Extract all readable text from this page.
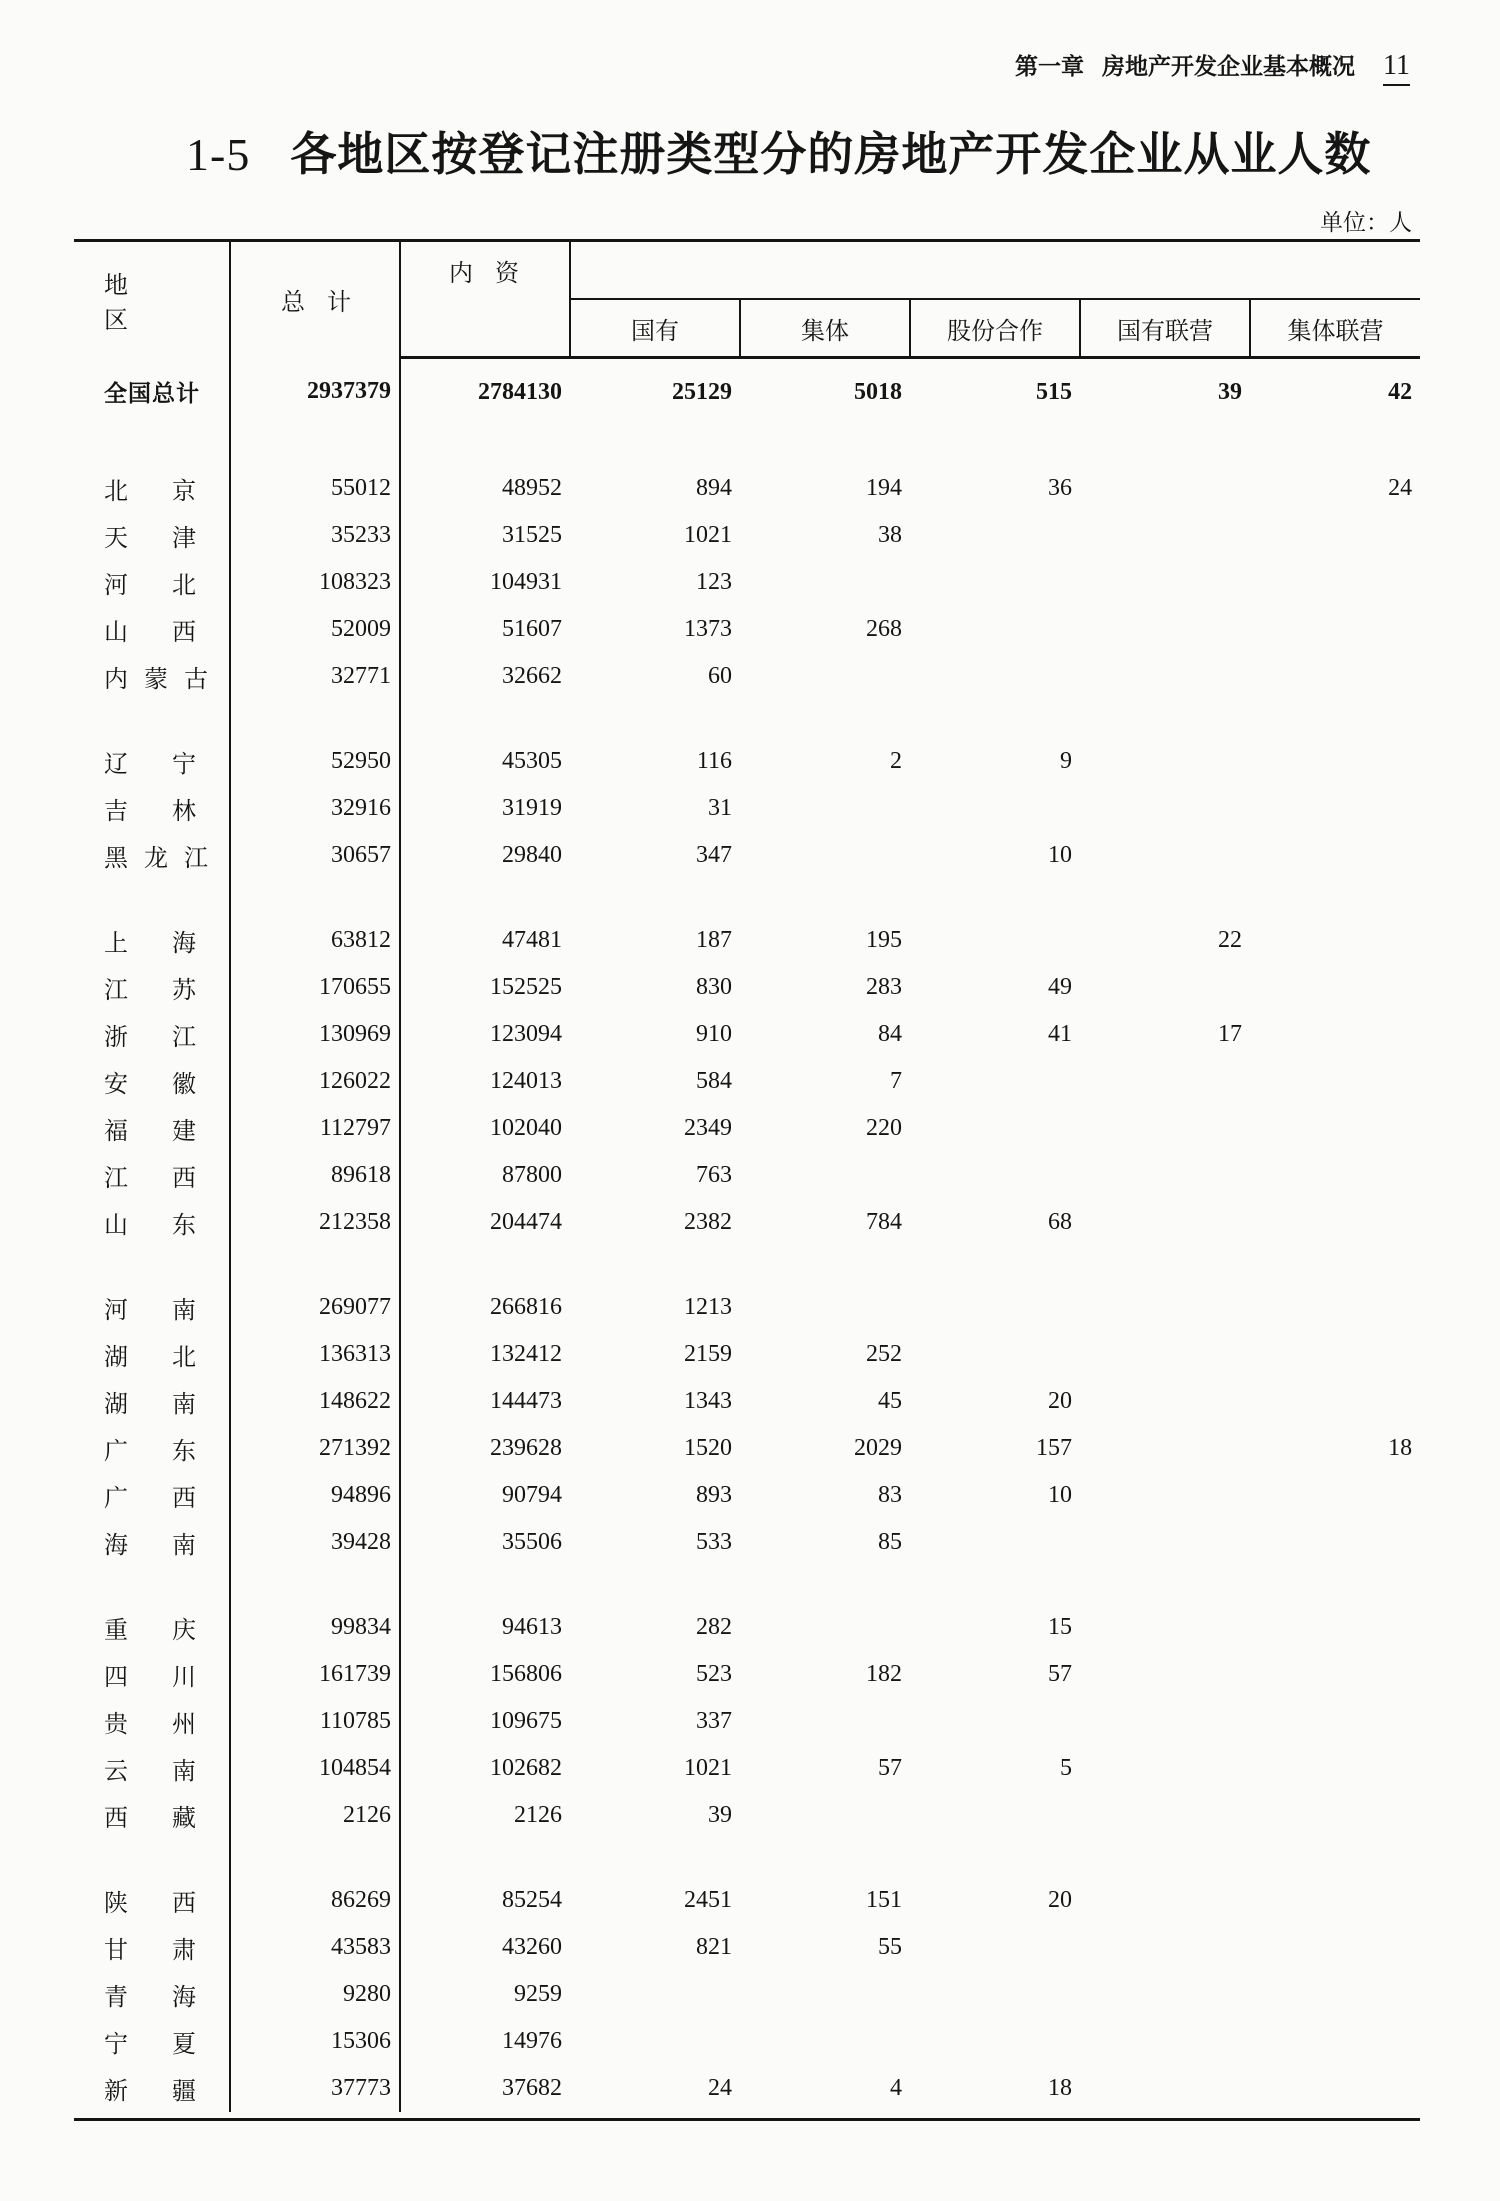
第一章 房地产开发企业基本概况 11
1-5 各地区按登记注册类型分的房地产开发企业从业人数
单位：人
地区	总计	内资					
			国有	集体	股份合作	国有联营	集体联营
全国总计	2937379	2784130	25129	5018	515	39	42

北 京	55012	48952	894	194	36		24

天 津	35233	31525	1021	38			

河 北	108323	104931	123				

山 西	52009	51607	1373	268			

内 蒙 古	32771	32662	60				

辽 宁	52950	45305	116	2	9		

吉 林	32916	31919	31				

黑 龙 江	30657	29840	347		10		

上 海	63812	47481	187	195		22	

江 苏	170655	152525	830	283	49		

浙 江	130969	123094	910	84	41	17	

安 徽	126022	124013	584	7			

福 建	112797	102040	2349	220			

江 西	89618	87800	763				

山 东	212358	204474	2382	784	68		

河 南	269077	266816	1213				

湖 北	136313	132412	2159	252			

湖 南	148622	144473	1343	45	20		

广 东	271392	239628	1520	2029	157		18

广 西	94896	90794	893	83	10		

海 南	39428	35506	533	85			

重 庆	99834	94613	282		15		

四 川	161739	156806	523	182	57		

贵 州	110785	109675	337				

云 南	104854	102682	1021	57	5		

西 藏	2126	2126	39				

陕 西	86269	85254	2451	151	20		

甘 肃	43583	43260	821	55			

青 海	9280	9259					

宁 夏	15306	14976					

新 疆	37773	37682	24	4	18		
